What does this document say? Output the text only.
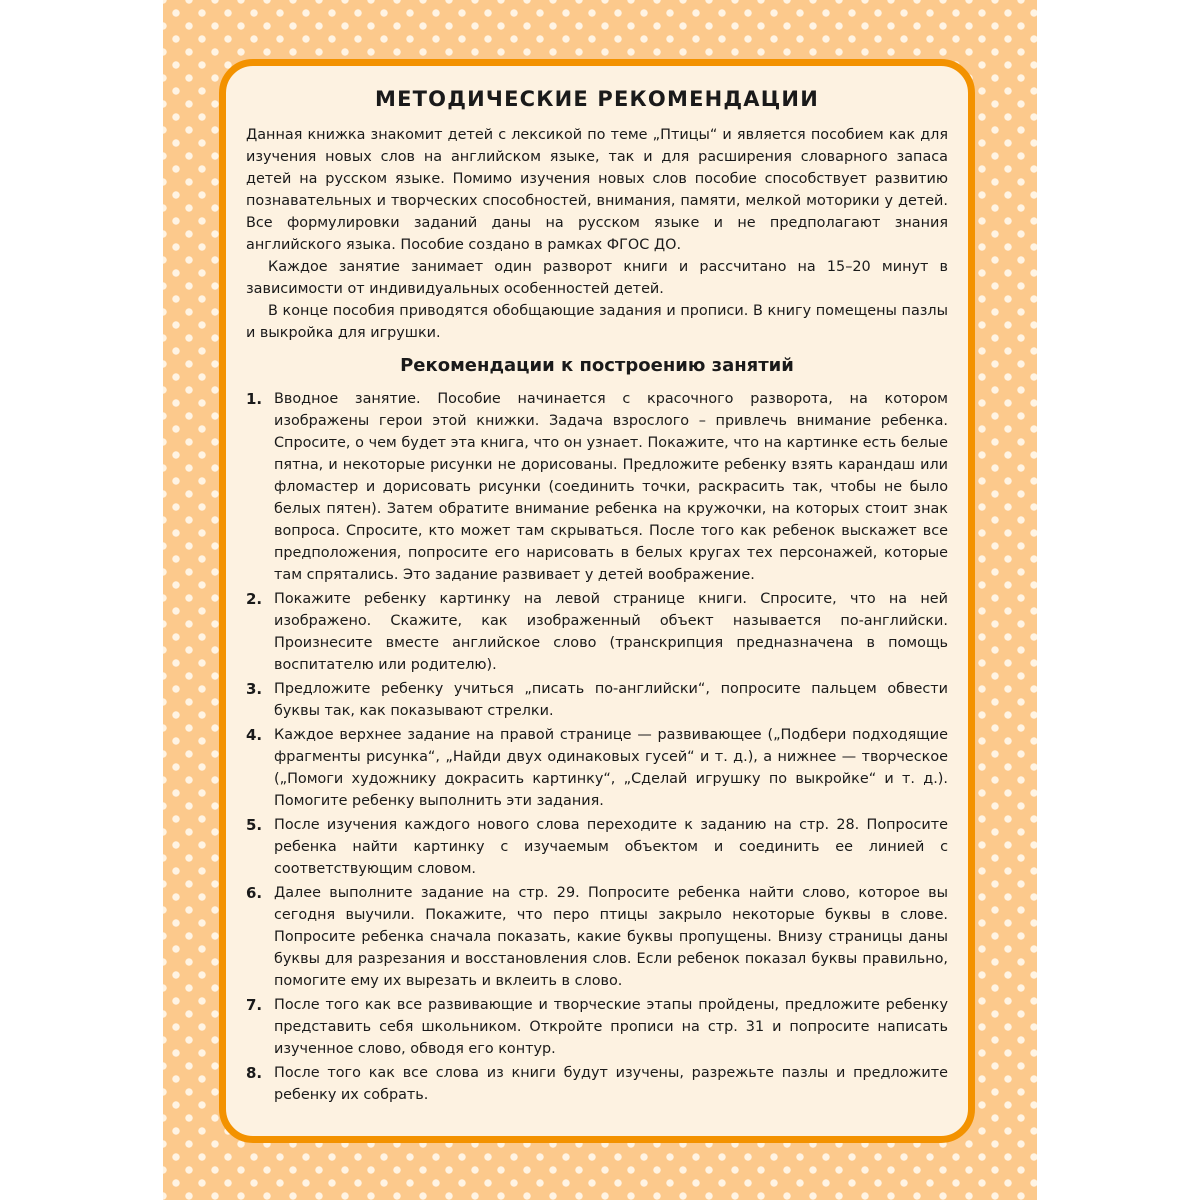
МЕТОДИЧЕСКИЕ РЕКОМЕНДАЦИИ

Данная книжка знакомит детей с лексикой по теме „Птицы“ и является пособием как для изучения новых слов на английском языке, так и для расширения словарного запаса детей на русском языке. Помимо изучения новых слов пособие способствует развитию познавательных и творческих способностей, внимания, памяти, мелкой моторики у детей. Все формулировки заданий даны на русском языке и не предполагают знания английского языка. Пособие создано в рамках ФГОС ДО.

Каждое занятие занимает один разворот книги и рассчитано на 15–20 минут в зависимости от индивидуальных особенностей детей.

В конце пособия приводятся обобщающие задания и прописи. В книгу помещены пазлы и выкройка для игрушки.

Рекомендации к построению занятий
1. Вводное занятие. Пособие начинается с красочного разворота, на котором изображены герои этой книжки. Задача взрослого – привлечь внимание ребенка. Спросите, о чем будет эта книга, что он узнает. Покажите, что на картинке есть белые пятна, и некоторые рисунки не дорисованы. Предложите ребенку взять карандаш или фломастер и дорисовать рисунки (соединить точки, раскрасить так, чтобы не было белых пятен). Затем обратите внимание ребенка на кружочки, на которых стоит знак вопроса. Спросите, кто может там скрываться. После того как ребенок выскажет все предположения, попросите его нарисовать в белых кругах тех персонажей, которые там спрятались. Это задание развивает у детей воображение.
2. Покажите ребенку картинку на левой странице книги. Спросите, что на ней изображено. Скажите, как изображенный объект называется по-английски. Произнесите вместе английское слово (транскрипция предназначена в помощь воспитателю или родителю).
3. Предложите ребенку учиться „писать по-английски“, попросите пальцем обвести буквы так, как показывают стрелки.
4. Каждое верхнее задание на правой странице — развивающее („Подбери подходящие фрагменты рисунка“, „Найди двух одинаковых гусей“ и т. д.), а нижнее — творческое („Помоги художнику докрасить картинку“, „Сделай игрушку по выкройке“ и т. д.). Помогите ребенку выполнить эти задания.
5. После изучения каждого нового слова переходите к заданию на стр. 28. Попросите ребенка найти картинку с изучаемым объектом и соединить ее линией с соответствующим словом.
6. Далее выполните задание на стр. 29. Попросите ребенка найти слово, которое вы сегодня выучили. Покажите, что перо птицы закрыло некоторые буквы в слове. Попросите ребенка сначала показать, какие буквы пропущены. Внизу страницы даны буквы для разрезания и восстановления слов. Если ребенок показал буквы правильно, помогите ему их вырезать и вклеить в слово.
7. После того как все развивающие и творческие этапы пройдены, предложите ребенку представить себя школьником. Откройте прописи на стр. 31 и попросите написать изученное слово, обводя его контур.
8. После того как все слова из книги будут изучены, разрежьте пазлы и предложите ребенку их собрать.
